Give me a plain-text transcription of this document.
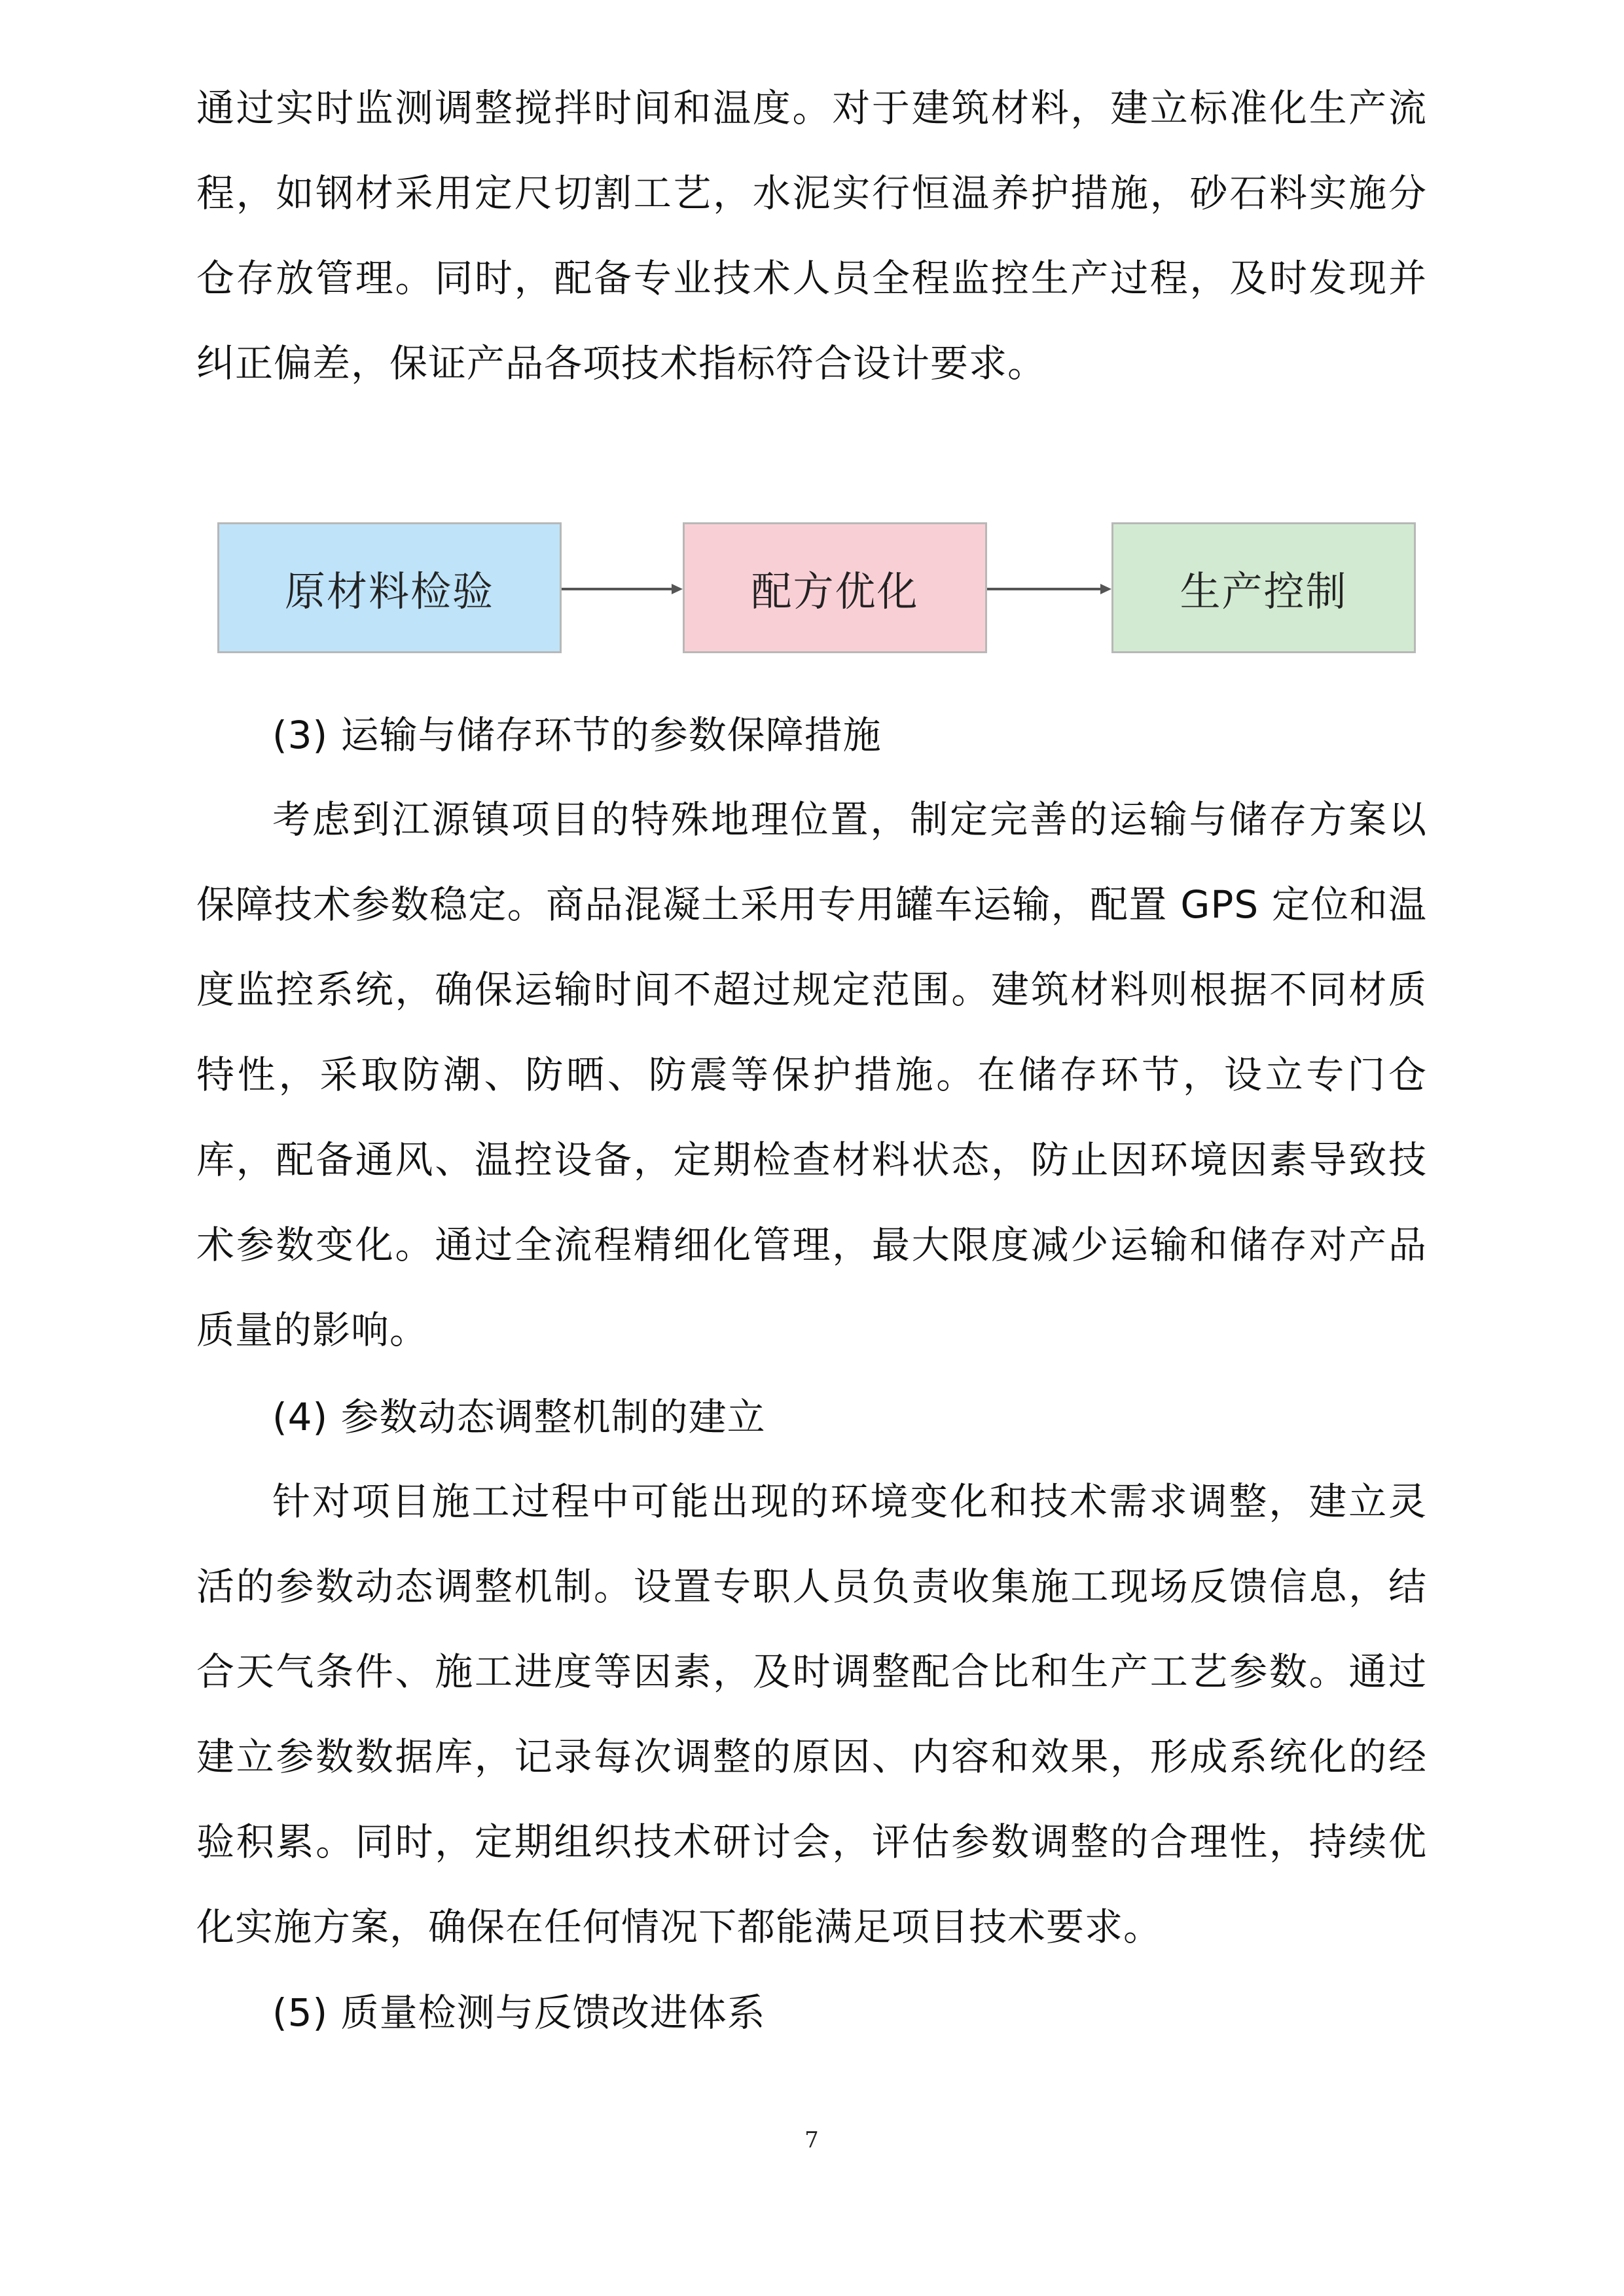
通过实时监测调整搅拌时间和温度。对于建筑材料，建立标准化生产流程，如钢材采用定尺切割工艺，水泥实行恒温养护措施，砂石料实施分仓存放管理。同时，配备专业技术人员全程监控生产过程，及时发现并纠正偏差，保证产品各项技术指标符合设计要求。

原材料检验	配方优化	生产控制

(3) 运输与储存环节的参数保障措施

考虑到江源镇项目的特殊地理位置，制定完善的运输与储存方案以保障技术参数稳定。商品混凝土采用专用罐车运输，配置 GPS 定位和温度监控系统，确保运输时间不超过规定范围。建筑材料则根据不同材质特性，采取防潮、防晒、防震等保护措施。在储存环节，设立专门仓库，配备通风、温控设备，定期检查材料状态，防止因环境因素导致技术参数变化。通过全流程精细化管理，最大限度减少运输和储存对产品质量的影响。

(4) 参数动态调整机制的建立

针对项目施工过程中可能出现的环境变化和技术需求调整，建立灵活的参数动态调整机制。设置专职人员负责收集施工现场反馈信息，结合天气条件、施工进度等因素，及时调整配合比和生产工艺参数。通过建立参数数据库，记录每次调整的原因、内容和效果，形成系统化的经验积累。同时，定期组织技术研讨会，评估参数调整的合理性，持续优化实施方案，确保在任何情况下都能满足项目技术要求。

(5) 质量检测与反馈改进体系

7
